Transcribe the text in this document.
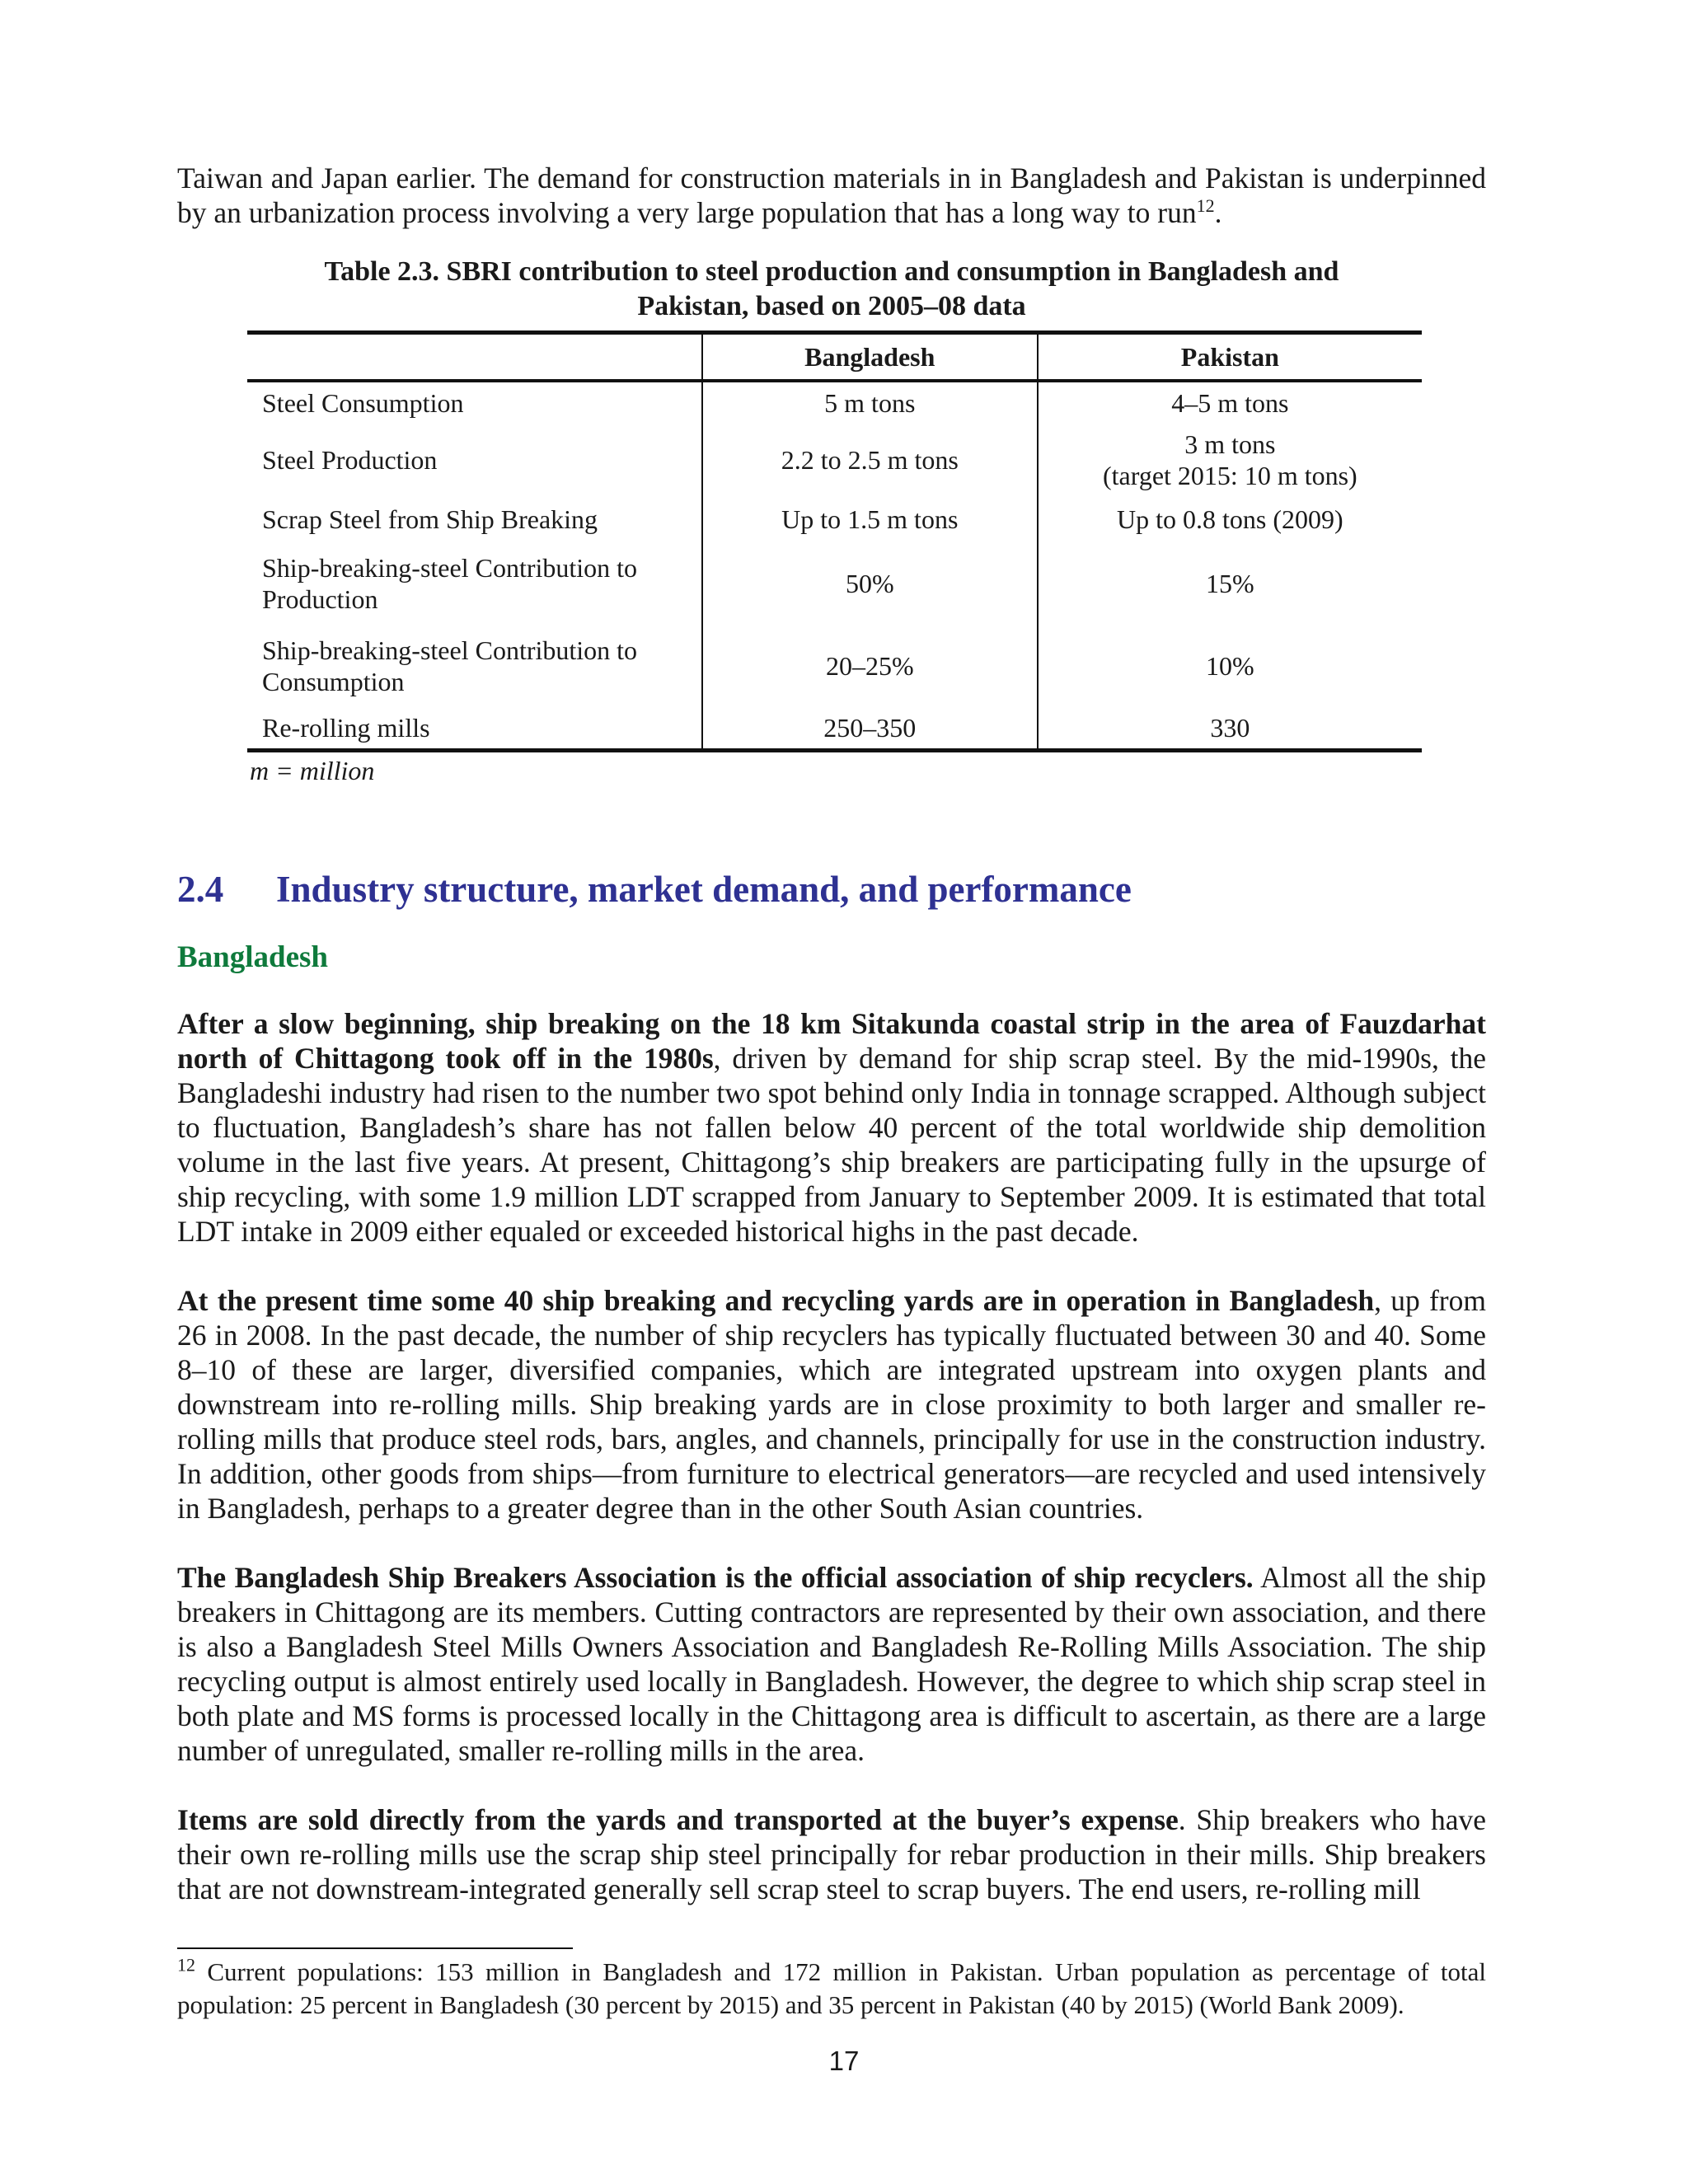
Taiwan and Japan earlier. The demand for construction materials in in Bangladesh and Pakistan is underpinned by an urbanization process involving a very large population that has a long way to run$^{12}$.

Table 2.3. SBRI contribution to steel production and consumption in Bangladesh and
Pakistan, based on 2005–08 data
	Bangladesh	Pakistan
Steel Consumption	5 m tons	4–5 m tons
Steel Production	2.2 to 2.5 m tons	3 m tons
(target 2015: 10 m tons)

Scrap Steel from Ship Breaking	Up to 1.5 m tons	Up to 0.8 tons (2009)
Ship-breaking-steel Contribution to Production	50%	15%
Ship-breaking-steel Contribution to Consumption	20–25%	10%
Re-rolling mills	250–350	330
m = million
2.4	Industry structure, market demand, and performance
Bangladesh

After a slow beginning, ship breaking on the 18 km Sitakunda coastal strip in the area of Fauzdarhat north of Chittagong took off in the 1980s, driven by demand for ship scrap steel. By the mid-1990s, the Bangladeshi industry had risen to the number two spot behind only India in tonnage scrapped. Although subject to fluctuation, Bangladesh’s share has not fallen below 40 percent of the total worldwide ship demolition volume in the last five years. At present, Chittagong’s ship breakers are participating fully in the upsurge of ship recycling, with some 1.9 million LDT scrapped from January to September 2009. It is estimated that total LDT intake in 2009 either equaled or exceeded historical highs in the past decade.

At the present time some 40 ship breaking and recycling yards are in operation in Bangladesh, up from 26 in 2008. In the past decade, the number of ship recyclers has typically fluctuated between 30 and 40. Some 8–10 of these are larger, diversified companies, which are integrated upstream into oxygen plants and downstream into re-rolling mills. Ship breaking yards are in close proximity to both larger and smaller re-rolling mills that produce steel rods, bars, angles, and channels, principally for use in the construction industry. In addition, other goods from ships—from furniture to electrical generators—are recycled and used intensively in Bangladesh, perhaps to a greater degree than in the other South Asian countries.

The Bangladesh Ship Breakers Association is the official association of ship recyclers. Almost all the ship breakers in Chittagong are its members. Cutting contractors are represented by their own association, and there is also a Bangladesh Steel Mills Owners Association and Bangladesh Re-Rolling Mills Association. The ship recycling output is almost entirely used locally in Bangladesh. However, the degree to which ship scrap steel in both plate and MS forms is processed locally in the Chittagong area is difficult to ascertain, as there are a large number of unregulated, smaller re-rolling mills in the area.

Items are sold directly from the yards and transported at the buyer’s expense. Ship breakers who have their own re-rolling mills use the scrap ship steel principally for rebar production in their mills. Ship breakers that are not downstream-integrated generally sell scrap steel to scrap buyers. The end users, re-rolling mill

$^{12}$ Current populations: 153 million in Bangladesh and 172 million in Pakistan. Urban population as percentage of total population: 25 percent in Bangladesh (30 percent by 2015) and 35 percent in Pakistan (40 by 2015) (World Bank 2009).

17
